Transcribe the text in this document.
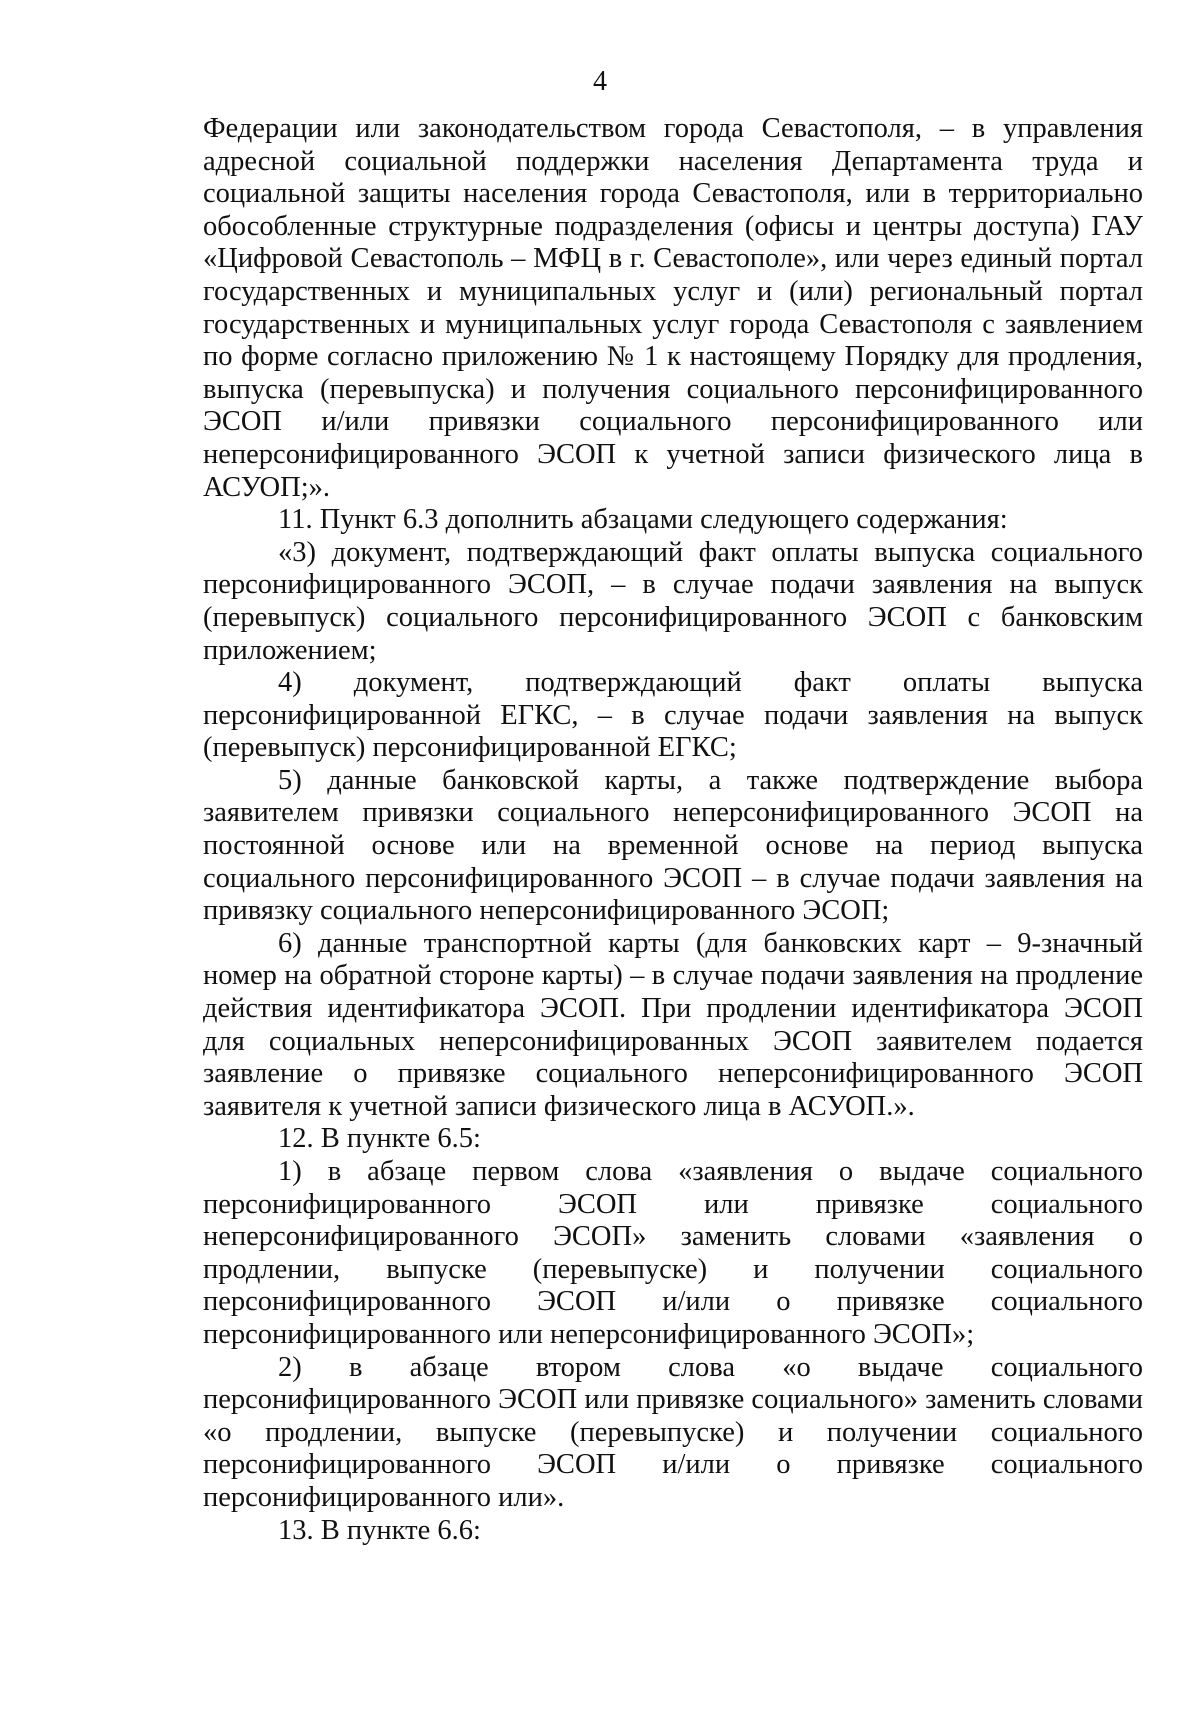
4

Федерации или законодательством города Севастополя, – в управления адресной социальной поддержки населения Департамента труда и социальной защиты населения города Севастополя, или в территориально обособленные структурные подразделения (офисы и центры доступа) ГАУ «Цифровой Севастополь – МФЦ в г. Севастополе», или через единый портал государственных и муниципальных услуг и (или) региональный портал государственных и муниципальных услуг города Севастополя с заявлением по форме согласно приложению № 1 к настоящему Порядку для продления, выпуска (перевыпуска) и получения социального персонифицированного ЭСОП и/или привязки социального персонифицированного или неперсонифицированного ЭСОП к учетной записи физического лица в АСУОП;».

11. Пункт 6.3 дополнить абзацами следующего содержания:

«3) документ, подтверждающий факт оплаты выпуска социального персонифицированного ЭСОП, – в случае подачи заявления на выпуск (перевыпуск) социального персонифицированного ЭСОП с банковским приложением;

4) документ, подтверждающий факт оплаты выпуска персонифицированной ЕГКС, – в случае подачи заявления на выпуск (перевыпуск) персонифицированной ЕГКС;

5) данные банковской карты, а также подтверждение выбора заявителем привязки социального неперсонифицированного ЭСОП на постоянной основе или на временной основе на период выпуска социального персонифицированного ЭСОП – в случае подачи заявления на привязку социального неперсонифицированного ЭСОП;

6) данные транспортной карты (для банковских карт – 9-значный номер на обратной стороне карты) – в случае подачи заявления на продление действия идентификатора ЭСОП. При продлении идентификатора ЭСОП для социальных неперсонифицированных ЭСОП заявителем подается заявление о привязке социального неперсонифицированного ЭСОП заявителя к учетной записи физического лица в АСУОП.».

12. В пункте 6.5:

1) в абзаце первом слова «заявления о выдаче социального персонифицированного ЭСОП или привязке социального неперсонифицированного ЭСОП» заменить словами «заявления о продлении, выпуске (перевыпуске) и получении социального персонифицированного ЭСОП и/или о привязке социального персонифицированного или неперсонифицированного ЭСОП»;

2) в абзаце втором слова «о выдаче социального персонифицированного ЭСОП или привязке социального» заменить словами «о продлении, выпуске (перевыпуске) и получении социального персонифицированного ЭСОП и/или о привязке социального персонифицированного или».

13. В пункте 6.6:
